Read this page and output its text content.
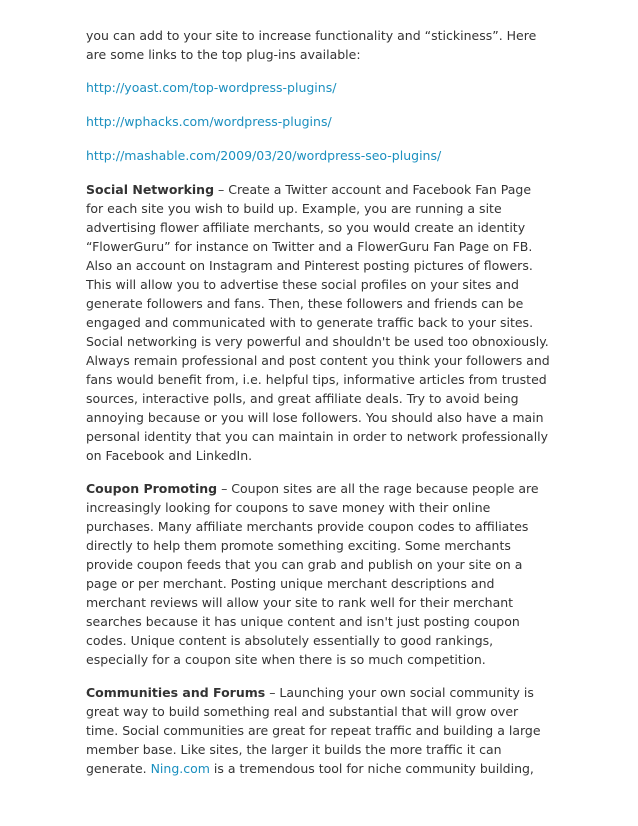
you can add to your site to increase functionality and “stickiness”. Here are some links to the top plug-ins available:

http://yoast.com/top-wordpress-plugins/

http://wphacks.com/wordpress-plugins/

http://mashable.com/2009/03/20/wordpress-seo-plugins/

Social Networking – Create a Twitter account and Facebook Fan Page for each site you wish to build up. Example, you are running a site advertising flower affiliate merchants, so you would create an identity “FlowerGuru” for instance on Twitter and a FlowerGuru Fan Page on FB. Also an account on Instagram and Pinterest posting pictures of flowers. This will allow you to advertise these social profiles on your sites and generate followers and fans. Then, these followers and friends can be engaged and communicated with to generate traffic back to your sites. Social networking is very powerful and shouldn't be used too obnoxiously. Always remain professional and post content you think your followers and fans would benefit from, i.e. helpful tips, informative articles from trusted sources, interactive polls, and great affiliate deals. Try to avoid being annoying because or you will lose followers. You should also have a main personal identity that you can maintain in order to network professionally on Facebook and LinkedIn.

Coupon Promoting – Coupon sites are all the rage because people are increasingly looking for coupons to save money with their online purchases. Many affiliate merchants provide coupon codes to affiliates directly to help them promote something exciting. Some merchants provide coupon feeds that you can grab and publish on your site on a page or per merchant. Posting unique merchant descriptions and merchant reviews will allow your site to rank well for their merchant searches because it has unique content and isn't just posting coupon codes. Unique content is absolutely essentially to good rankings, especially for a coupon site when there is so much competition.

Communities and Forums – Launching your own social community is great way to build something real and substantial that will grow over time. Social communities are great for repeat traffic and building a large member base. Like sites, the larger it builds the more traffic it can generate. Ning.com is a tremendous tool for niche community building,
